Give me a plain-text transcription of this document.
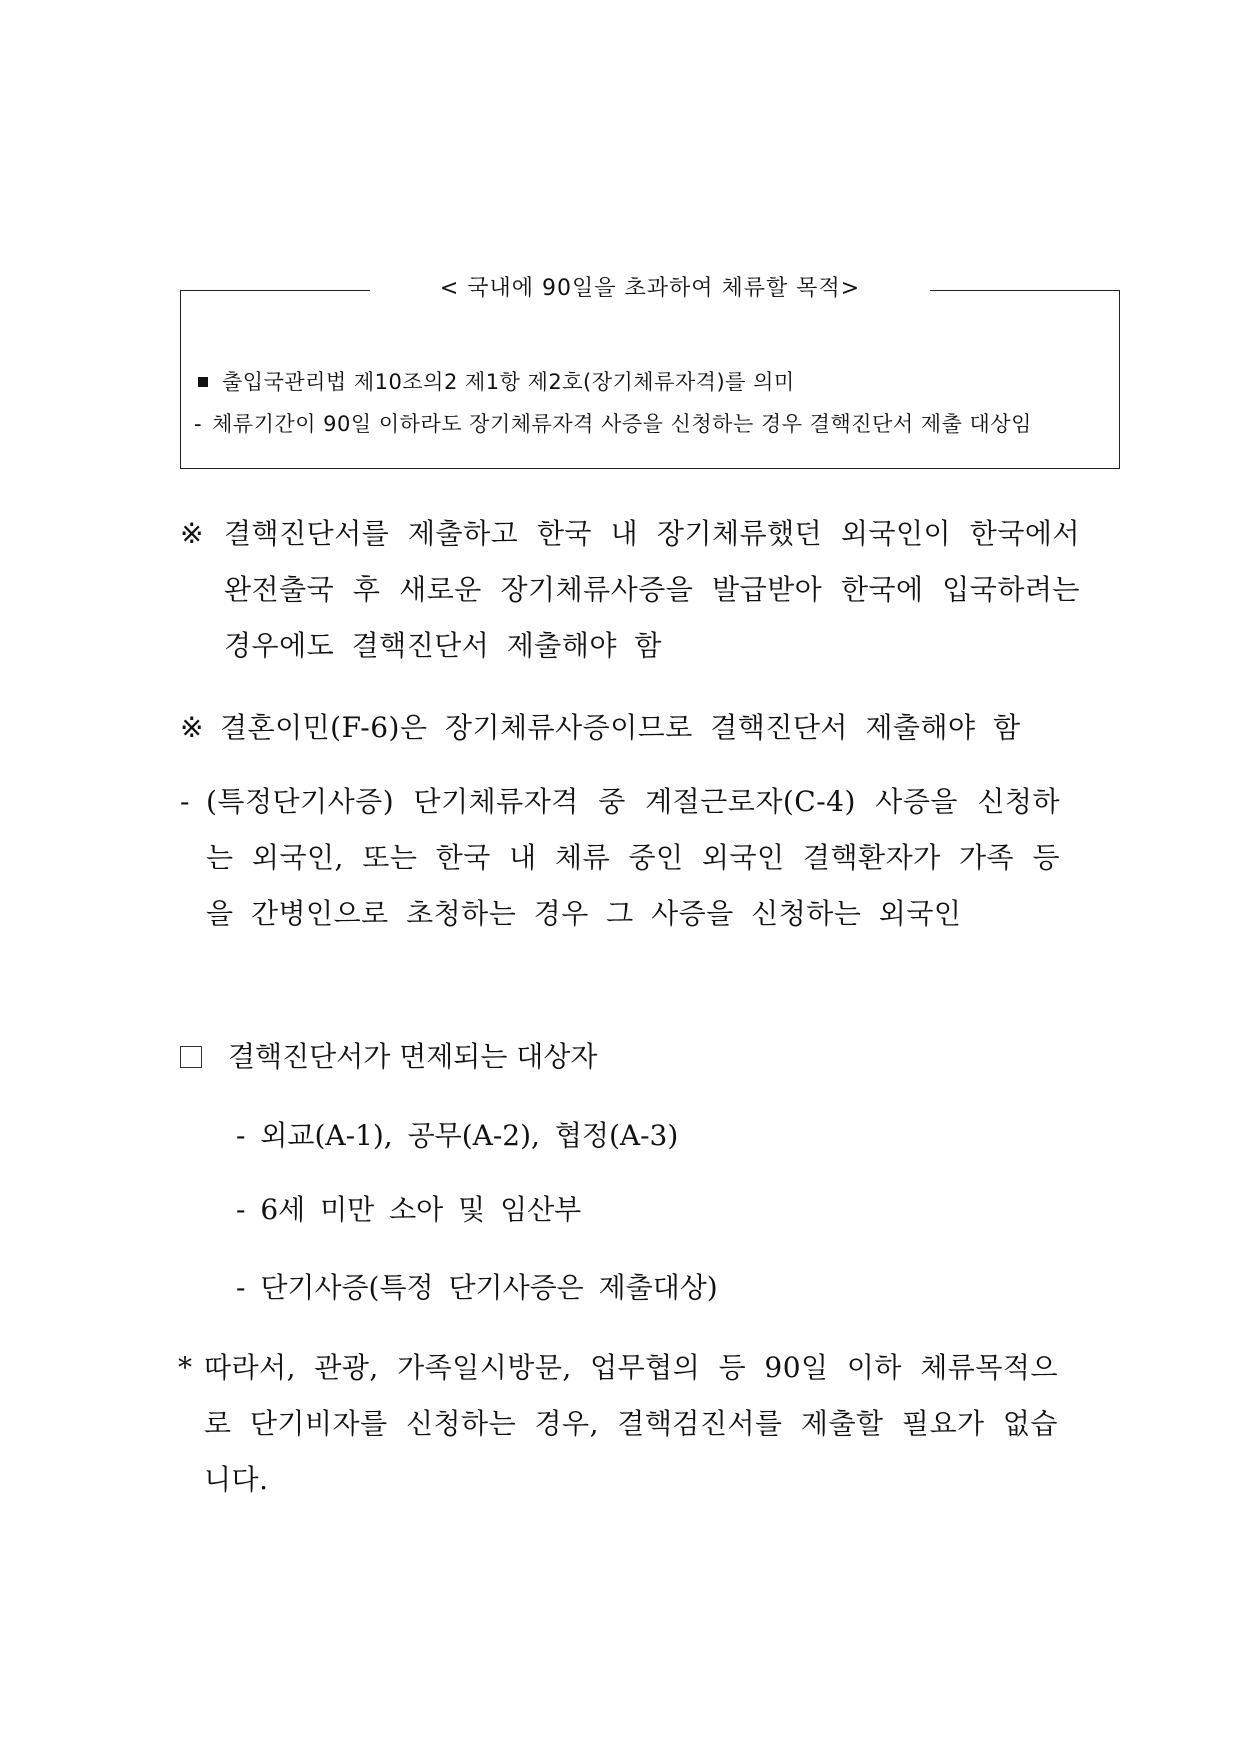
< 국내에 90일을 초과하여 체류할 목적>
출입국관리법 제10조의2 제1항 제2호(장기체류자격)를 의미
- 체류기간이 90일 이하라도 장기체류자격 사증을 신청하는 경우 결핵진단서 제출 대상임
※ 결핵진단서를 제출하고 한국 내 장기체류했던 외국인이 한국에서 완전출국 후 새로운 장기체류사증을 발급받아 한국에 입국하려는 경우에도 결핵진단서 제출해야 함
※ 결혼이민(F-6)은 장기체류사증이므로 결핵진단서 제출해야 함
- (특정단기사증) 단기체류자격 중 계절근로자(C-4) 사증을 신청하는 외국인, 또는 한국 내 체류 중인 외국인 결핵환자가 가족 등을 간병인으로 초청하는 경우 그 사증을 신청하는 외국인
결핵진단서가 면제되는 대상자
- 외교(A-1), 공무(A-2), 협정(A-3)
- 6세 미만 소아 및 임산부
- 단기사증(특정 단기사증은 제출대상)
* 따라서, 관광, 가족일시방문, 업무협의 등 90일 이하 체류목적으로 단기비자를 신청하는 경우, 결핵검진서를 제출할 필요가 없습니다.
